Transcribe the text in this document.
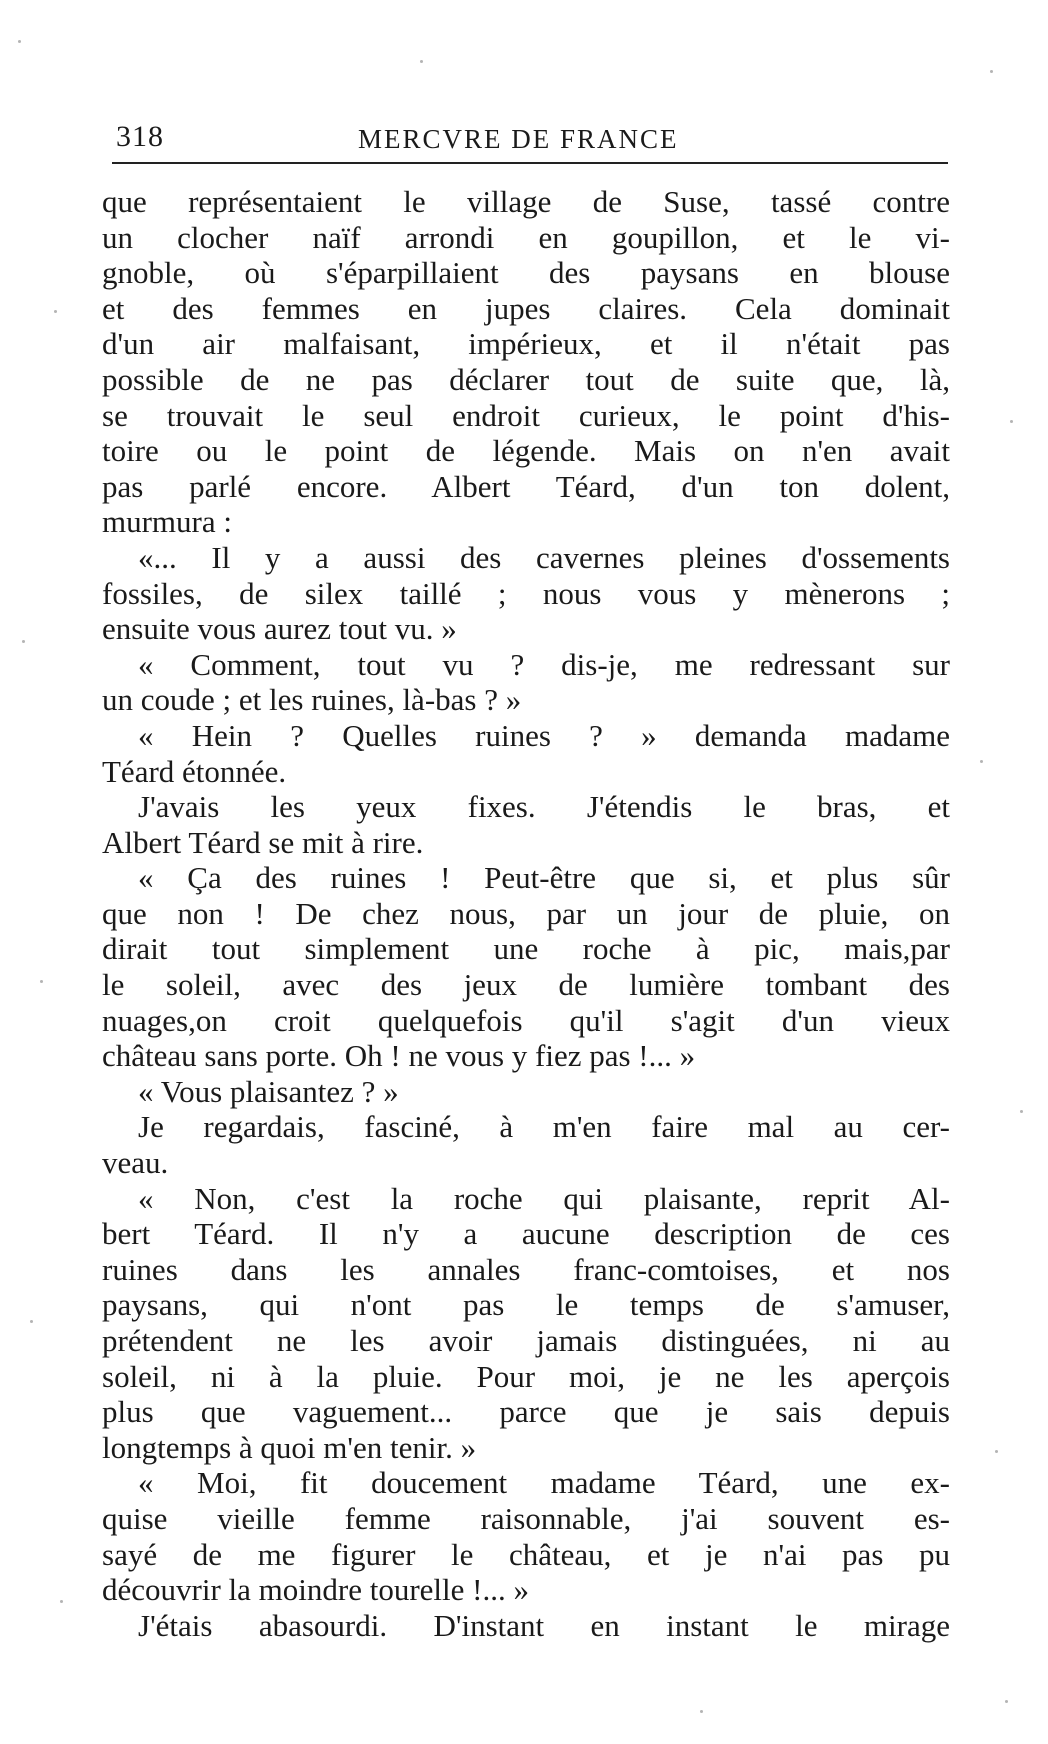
318	MERCVRE DE FRANCE
que représentaient le village de Suse, tassé contre
un clocher naïf arrondi en goupillon, et le vi-
gnoble, où s'éparpillaient des paysans en blouse
et des femmes en jupes claires. Cela dominait
d'un air malfaisant, impérieux, et il n'était pas
possible de ne pas déclarer tout de suite que, là,
se trouvait le seul endroit curieux, le point d'his-
toire ou le point de légende. Mais on n'en avait
pas parlé encore. Albert Téard, d'un ton dolent,
murmura :
«... Il y a aussi des cavernes pleines d'ossements
fossiles, de silex taillé ; nous vous y mènerons ;
ensuite vous aurez tout vu. »
« Comment, tout vu ? dis-je, me redressant sur
un coude ; et les ruines, là-bas ? »
« Hein ? Quelles ruines ? » demanda madame
Téard étonnée.
J'avais les yeux fixes. J'étendis le bras, et
Albert Téard se mit à rire.
« Ça des ruines ! Peut-être que si, et plus sûr
que non ! De chez nous, par un jour de pluie, on
dirait tout simplement une roche à pic, mais,par
le soleil, avec des jeux de lumière tombant des
nuages,on croit quelquefois qu'il s'agit d'un vieux
château sans porte. Oh ! ne vous y fiez pas !... »
« Vous plaisantez ? »
Je regardais, fasciné, à m'en faire mal au cer-
veau.
« Non, c'est la roche qui plaisante, reprit Al-
bert Téard. Il n'y a aucune description de ces
ruines dans les annales franc-comtoises, et nos
paysans, qui n'ont pas le temps de s'amuser,
prétendent ne les avoir jamais distinguées, ni au
soleil, ni à la pluie. Pour moi, je ne les aperçois
plus que vaguement... parce que je sais depuis
longtemps à quoi m'en tenir. »
« Moi, fit doucement madame Téard, une ex-
quise vieille femme raisonnable, j'ai souvent es-
sayé de me figurer le château, et je n'ai pas pu
découvrir la moindre tourelle !... »
J'étais abasourdi. D'instant en instant le mirage
